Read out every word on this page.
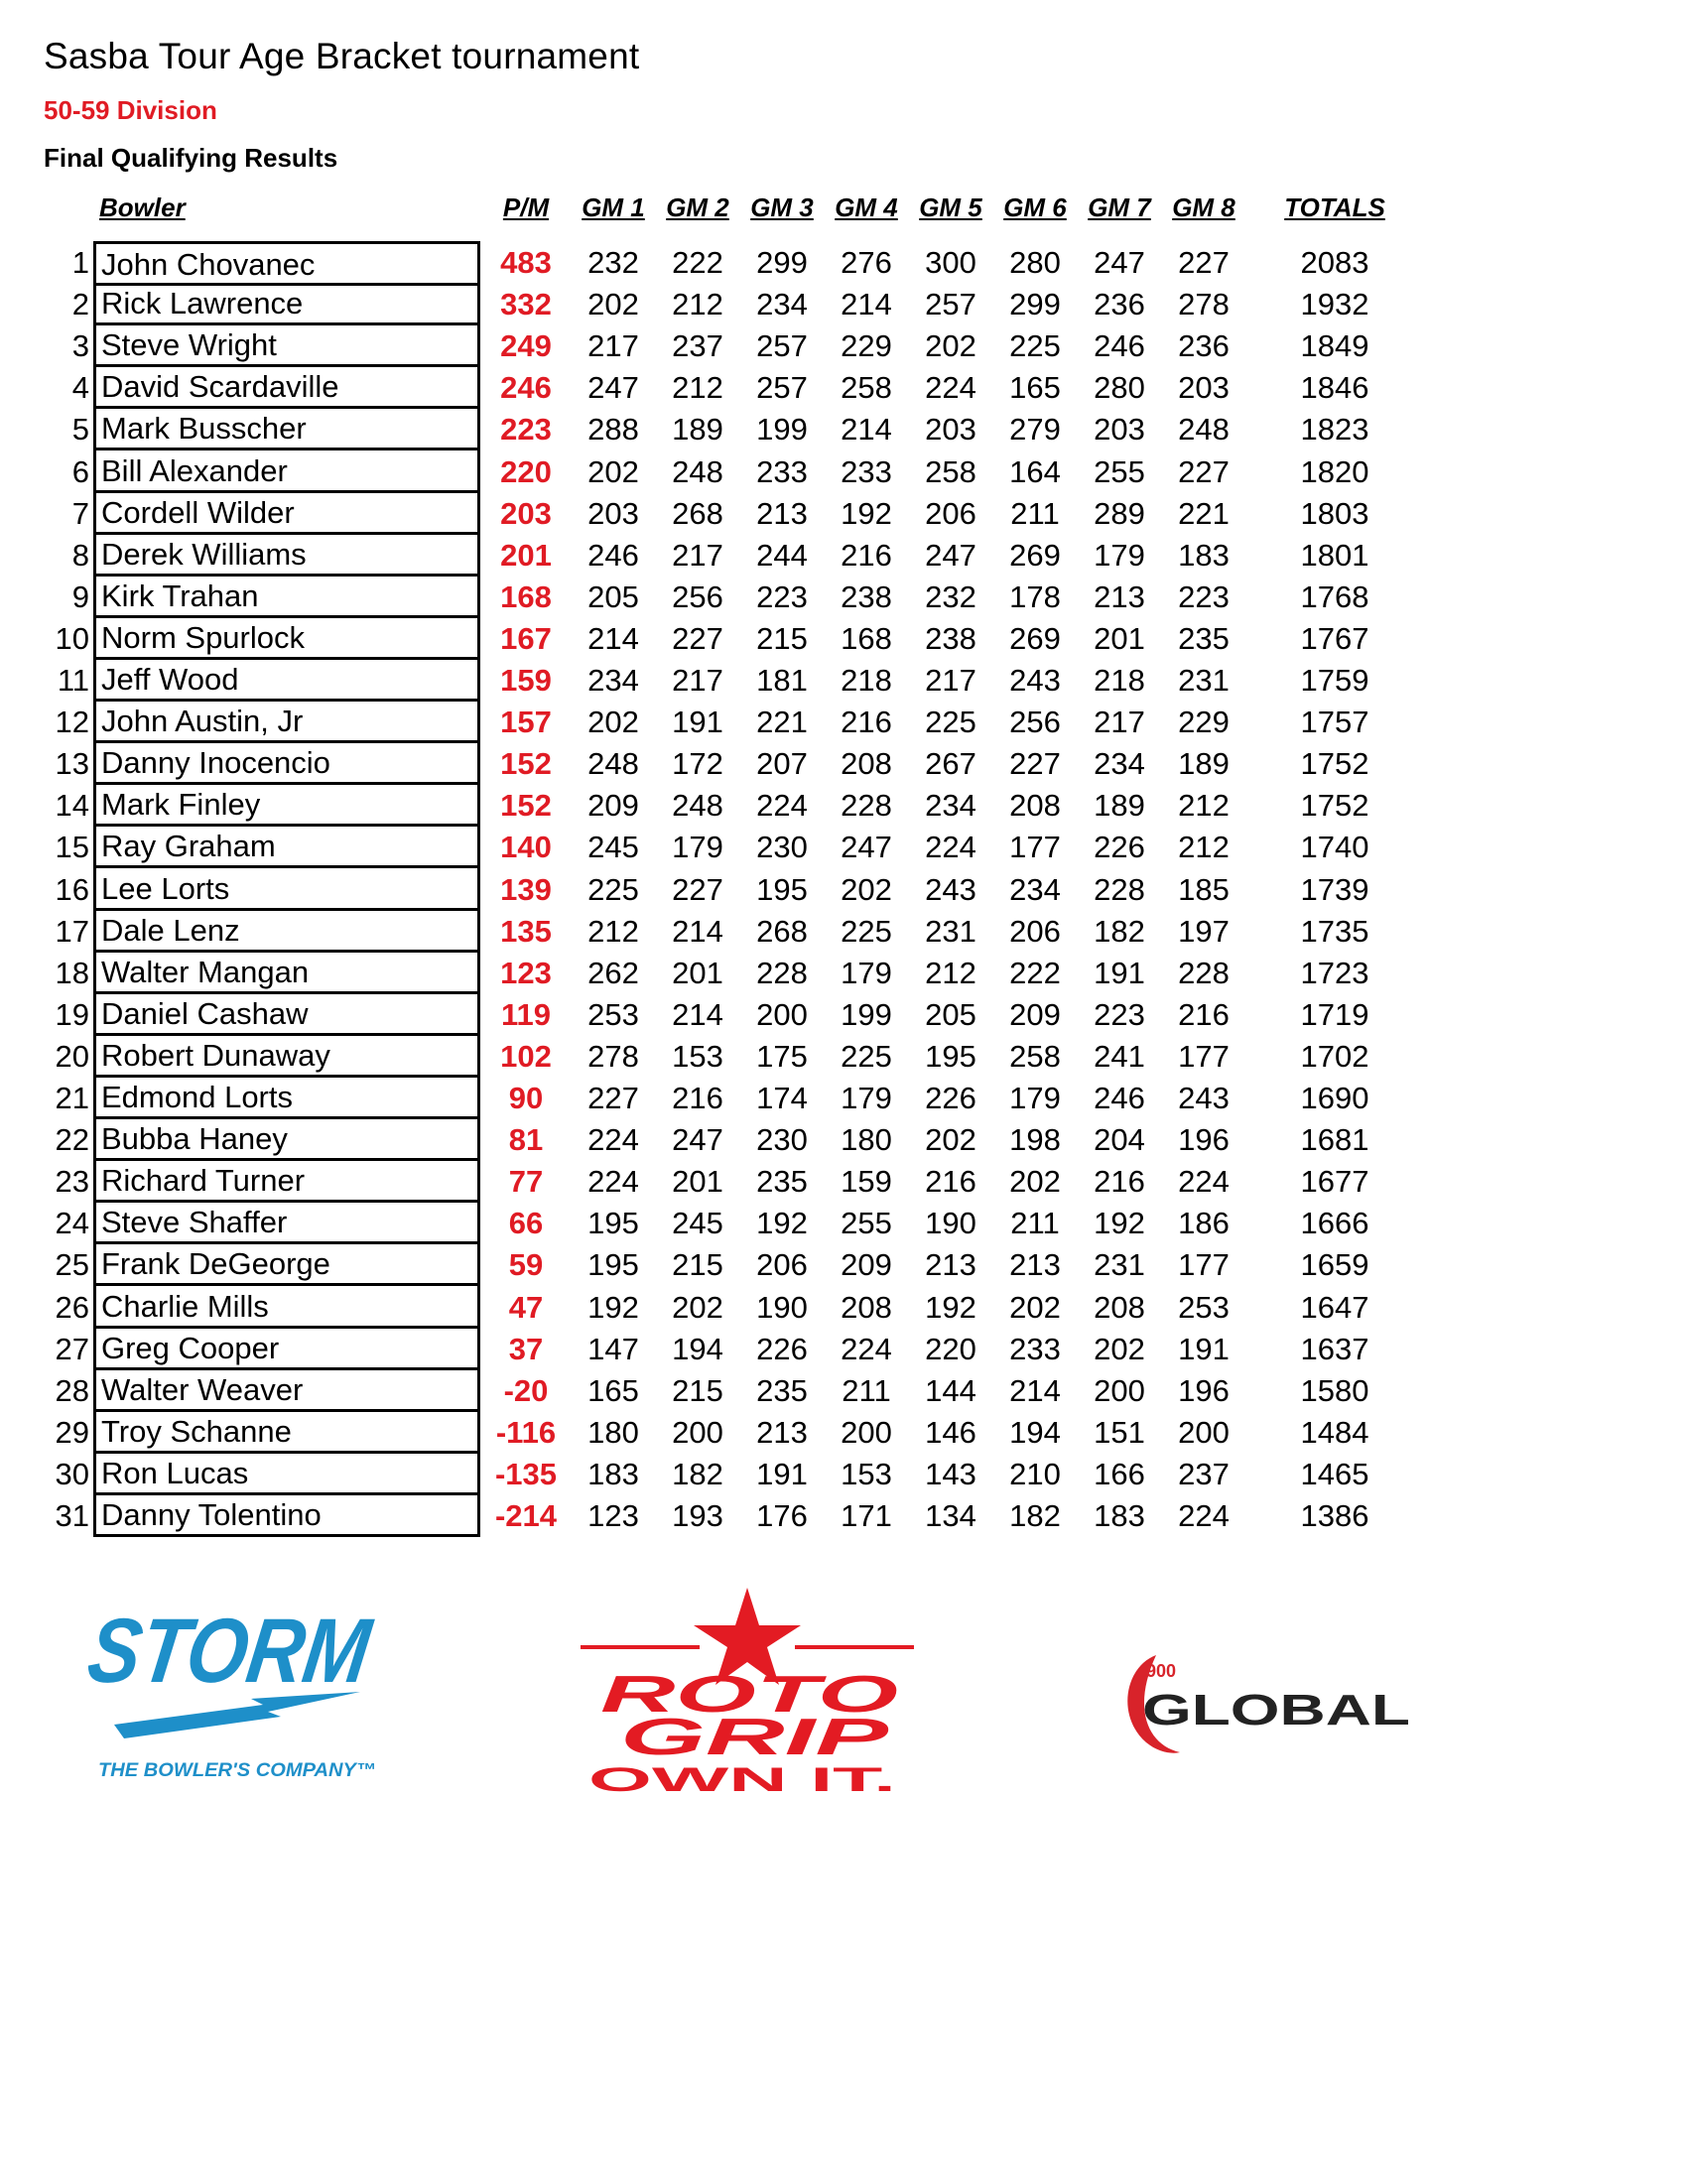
Sasba Tour Age Bracket tournament
50-59 Division
Final Qualifying Results
Bowler	P/M	GM 1 GM 2 GM 3 GM 4 GM 5 GM 6 GM 7 GM 8	TOTALS
1 John Chovanec	483	232	222	299	276	300	280	247	227	2083
2 Rick Lawrence	332	202	212	234	214	257	299	236	278	1932
3 Steve Wright	249	217	237	257	229	202	225	246	236	1849
4 David Scardaville	246	247	212	257	258	224	165	280	203	1846
5 Mark Busscher	223	288	189	199	214	203	279	203	248	1823
6 Bill Alexander	220	202	248	233	233	258	164	255	227	1820
7 Cordell Wilder	203	203	268	213	192	206	211	289	221	1803
8 Derek Williams	201	246	217	244	216	247	269	179	183	1801
9 Kirk Trahan	168	205	256	223	238	232	178	213	223	1768
10 Norm Spurlock	167	214	227	215	168	238	269	201	235	1767
11 Jeff Wood	159	234	217	181	218	217	243	218	231	1759
12 John Austin, Jr	157	202	191	221	216	225	256	217	229	1757
13 Danny Inocencio	152	248	172	207	208	267	227	234	189	1752
14 Mark Finley	152	209	248	224	228	234	208	189	212	1752
15 Ray Graham	140	245	179	230	247	224	177	226	212	1740
16 Lee Lorts	139	225	227	195	202	243	234	228	185	1739
17 Dale Lenz	135	212	214	268	225	231	206	182	197	1735
18 Walter Mangan	123	262	201	228	179	212	222	191	228	1723
19 Daniel Cashaw	119	253	214	200	199	205	209	223	216	1719
20 Robert Dunaway	102	278	153	175	225	195	258	241	177	1702
21 Edmond Lorts	90	227	216	174	179	226	179	246	243	1690
22 Bubba Haney	81	224	247	230	180	202	198	204	196	1681
23 Richard Turner	77	224	201	235	159	216	202	216	224	1677
24 Steve Shaffer	66	195	245	192	255	190	211	192	186	1666
25 Frank DeGeorge	59	195	215	206	209	213	213	231	177	1659
26 Charlie Mills	47	192	202	190	208	192	202	208	253	1647
27 Greg Cooper	37	147	194	226	224	220	233	202	191	1637
28 Walter Weaver	-20	165	215	235	211	144	214	200	196	1580
29 Troy Schanne	-116	180	200	213	200	146	194	151	200	1484
30 Ron Lucas	-135	183	182	191	153	143	210	166	237	1465
31 Danny Tolentino	-214	123	193	176	171	134	182	183	224	1386
STORM
THE BOWLER'S COMPANY™
ROTO
GRIP
OWN IT.
900
GLOBAL
